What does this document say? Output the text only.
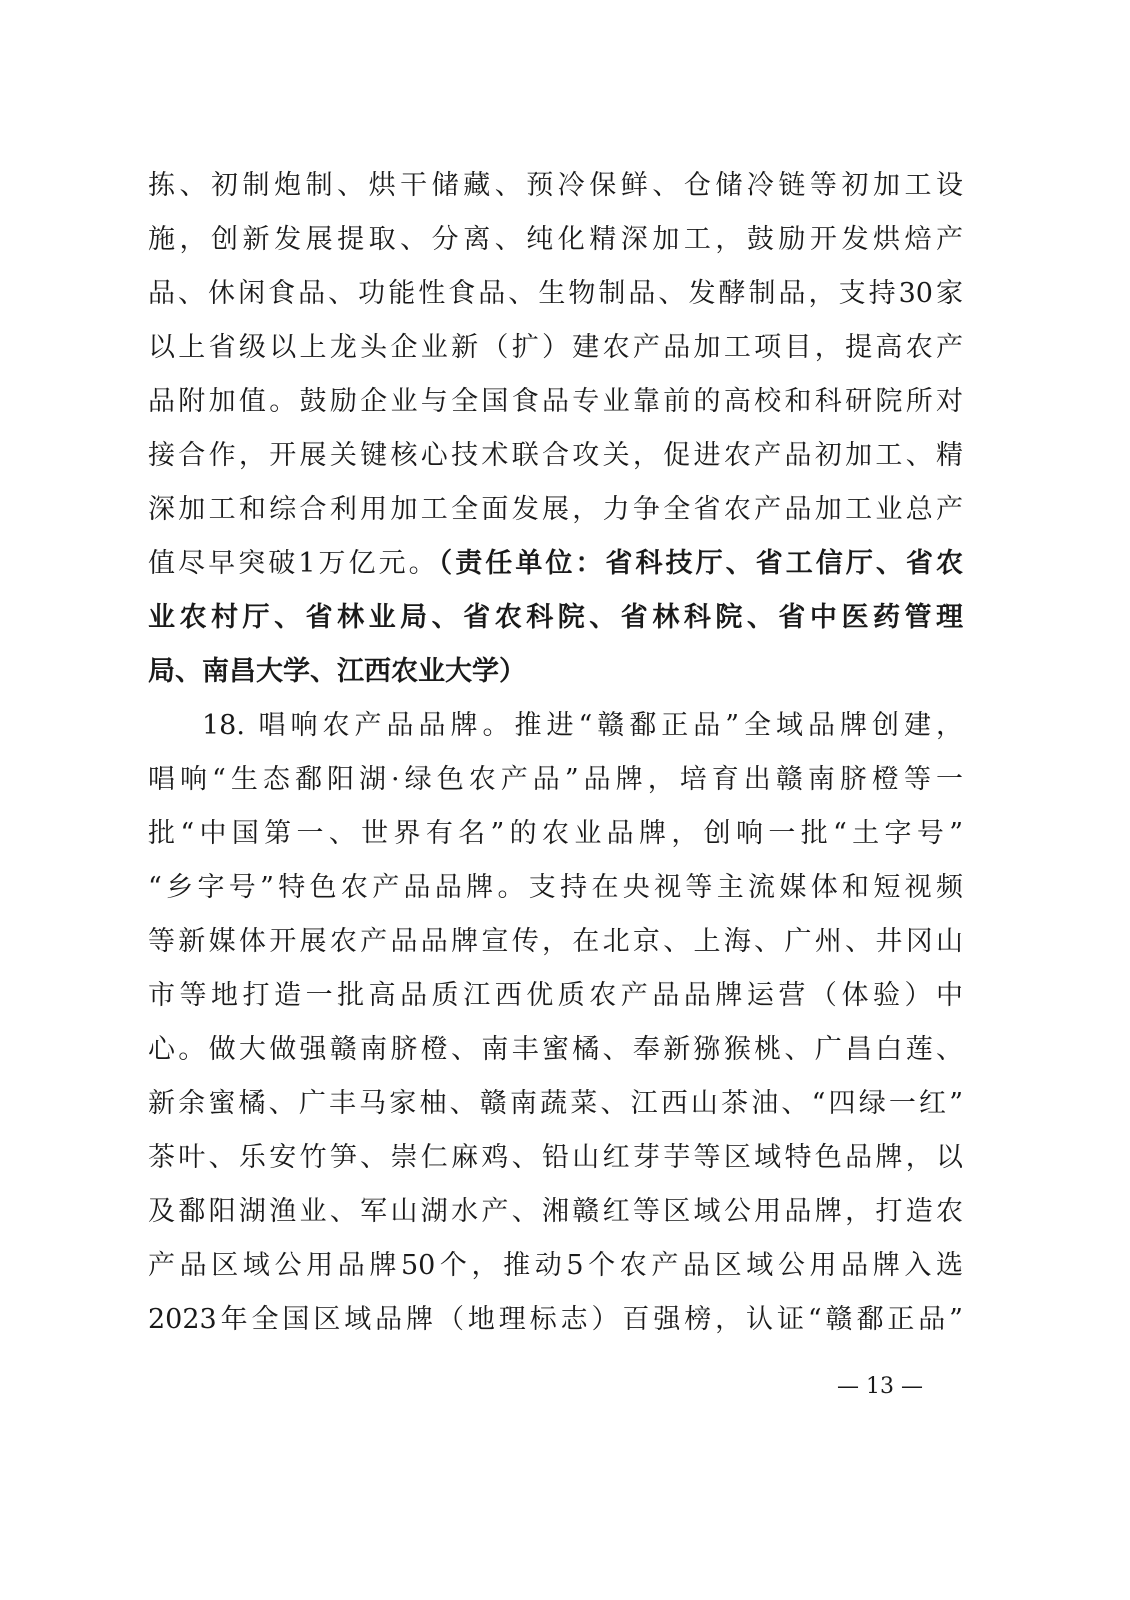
拣、初制炮制、烘干储藏、预冷保鲜、仓储冷链等初加工设
施，创新发展提取、分离、纯化精深加工，鼓励开发烘焙产
品、休闲食品、功能性食品、生物制品、发酵制品，支持30家
以上省级以上龙头企业新（扩）建农产品加工项目，提高农产
品附加值。鼓励企业与全国食品专业靠前的高校和科研院所对
接合作，开展关键核心技术联合攻关，促进农产品初加工、精
深加工和综合利用加工全面发展，力争全省农产品加工业总产
值尽早突破1万亿元。（责任单位：省科技厅、省工信厅、省农
业农村厅、省林业局、省农科院、省林科院、省中医药管理
局、南昌大学、江西农业大学）
18. 唱响农产品品牌。推进“赣鄱正品”全域品牌创建，
唱响“生态鄱阳湖·绿色农产品”品牌，培育出赣南脐橙等一
批“中国第一、世界有名”的农业品牌，创响一批“土字号”
“乡字号”特色农产品品牌。支持在央视等主流媒体和短视频
等新媒体开展农产品品牌宣传，在北京、上海、广州、井冈山
市等地打造一批高品质江西优质农产品品牌运营（体验）中
心。做大做强赣南脐橙、南丰蜜橘、奉新猕猴桃、广昌白莲、
新余蜜橘、广丰马家柚、赣南蔬菜、江西山茶油、“四绿一红”
茶叶、乐安竹笋、崇仁麻鸡、铅山红芽芋等区域特色品牌，以
及鄱阳湖渔业、军山湖水产、湘赣红等区域公用品牌，打造农
产品区域公用品牌50个，推动5个农产品区域公用品牌入选
2023年全国区域品牌（地理标志）百强榜，认证“赣鄱正品”
— 13 —
